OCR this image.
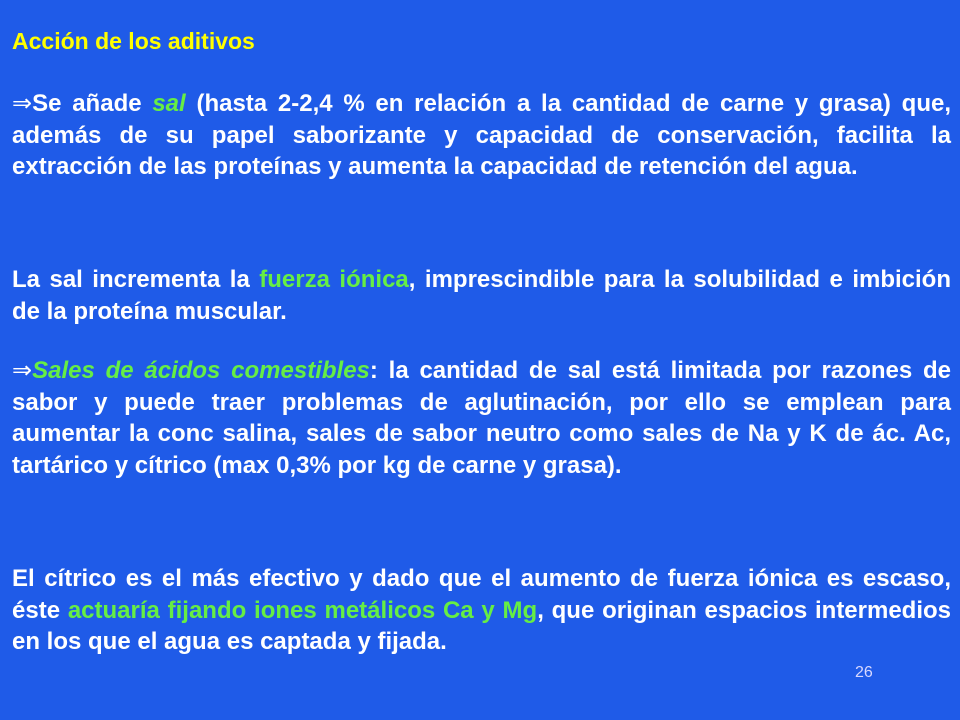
Acción de los aditivos

⇒Se añade sal (hasta 2-2,4 % en relación a la cantidad de carne y grasa) que, además de su papel saborizante y capacidad de conservación, facilita la extracción de las proteínas y aumenta la capacidad de retención del agua.

La sal incrementa la fuerza iónica, imprescindible para la solubilidad e imbición de la proteína muscular.

⇒Sales de ácidos comestibles: la cantidad de sal está limitada por razones de sabor y puede traer problemas de aglutinación, por ello se emplean para aumentar la conc salina, sales de sabor neutro como sales de Na y K de ác. Ac, tartárico y cítrico (max 0,3% por kg de carne y grasa).

El cítrico es el más efectivo y dado que el aumento de fuerza iónica es escaso, éste actuaría fijando iones metálicos Ca y Mg, que originan espacios intermedios en los que el agua es captada y fijada.

26
